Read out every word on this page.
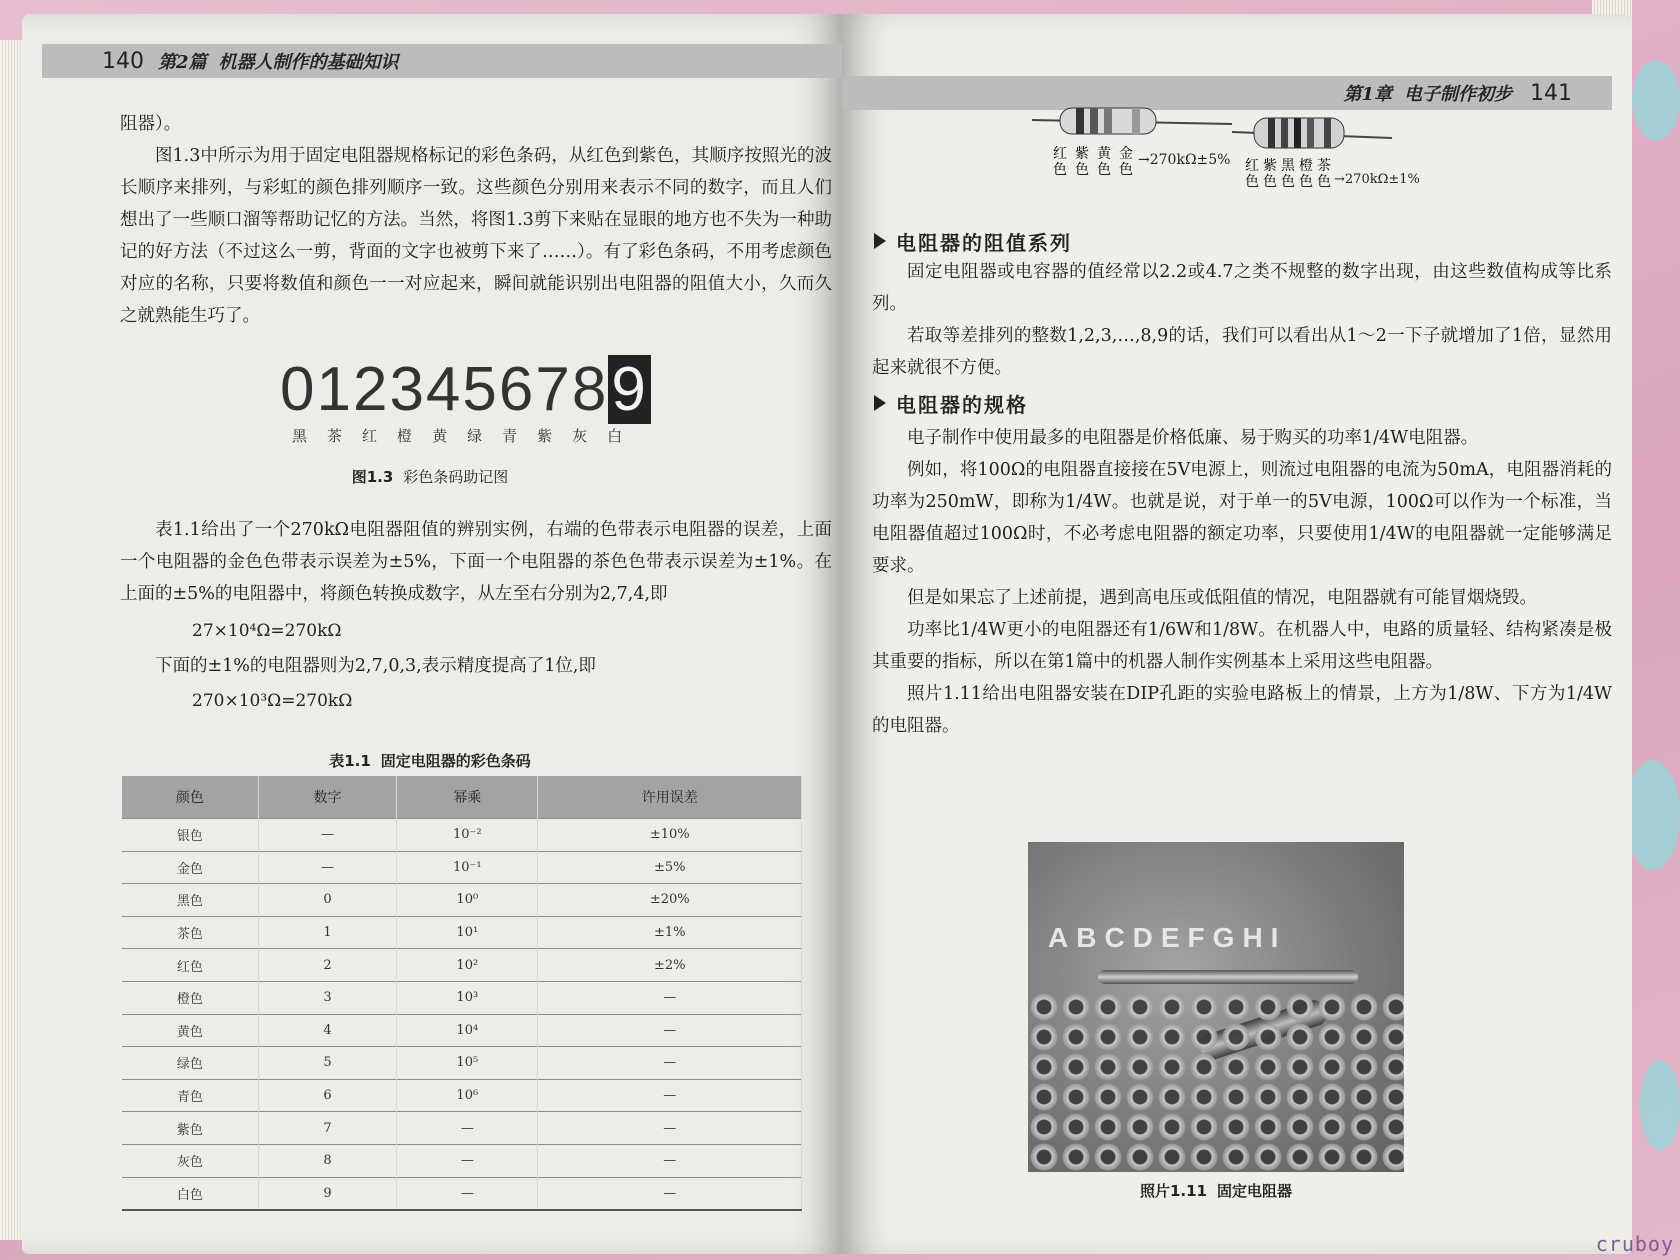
140 第2篇 机器人制作的基础知识

阻器）。

图1.3中所示为用于固定电阻器规格标记的彩色条码，从红色到紫色，其顺序按照光的波长顺序来排列，与彩虹的颜色排列顺序一致。这些颜色分别用来表示不同的数字，而且人们想出了一些顺口溜等帮助记忆的方法。当然，将图1.3剪下来贴在显眼的地方也不失为一种助记的好方法（不过这么一剪，背面的文字也被剪下来了……）。有了彩色条码，不用考虑颜色对应的名称，只要将数值和颜色一一对应起来，瞬间就能识别出电阻器的阻值大小，久而久之就熟能生巧了。

0123456789
黑 茶 红 橙 黄 绿 青 紫 灰 白
图1.3 彩色条码助记图

表1.1给出了一个270kΩ电阻器阻值的辨别实例，右端的色带表示电阻器的误差，上面一个电阻器的金色色带表示误差为±5%，下面一个电阻器的茶色色带表示误差为±1%。在上面的±5%的电阻器中，将颜色转换成数字，从左至右分别为2,7,4,即

27×10⁴Ω=270kΩ

下面的±1%的电阻器则为2,7,0,3,表示精度提高了1位,即

270×10³Ω=270kΩ
表1.1 固定电阻器的彩色条码
颜色	数字	幂乘	许用误差
银色	—	10⁻²	±10%
金色	—	10⁻¹	±5%
黑色	0	10⁰	±20%
茶色	1	10¹	±1%
红色	2	10²	±2%
橙色	3	10³	—
黄色	4	10⁴	—
绿色	5	10⁵	—
青色	6	10⁶	—
紫色	7	—	—
灰色	8	—	—
白色	9	—	—
第1章 电子制作初步 141
红
色
紫
色
黄
色
金
色
→ 270kΩ±5% 红
色
紫
色
黑
色
橙
色
茶
色 → 270kΩ±1%
电阻器的阻值系列

固定电阻器或电容器的值经常以2.2或4.7之类不规整的数字出现，由这些数值构成等比系列。

若取等差排列的整数1,2,3,…,8,9的话，我们可以看出从1～2一下子就增加了1倍，显然用起来就很不方便。

电阻器的规格

电子制作中使用最多的电阻器是价格低廉、易于购买的功率1/4W电阻器。

例如，将100Ω的电阻器直接接在5V电源上，则流过电阻器的电流为50mA，电阻器消耗的功率为250mW，即称为1/4W。也就是说，对于单一的5V电源，100Ω可以作为一个标准，当电阻器值超过100Ω时，不必考虑电阻器的额定功率，只要使用1/4W的电阻器就一定能够满足要求。

但是如果忘了上述前提，遇到高电压或低阻值的情况，电阻器就有可能冒烟烧毁。

功率比1/4W更小的电阻器还有1/6W和1/8W。在机器人中，电路的质量轻、结构紧凑是极其重要的指标，所以在第1篇中的机器人制作实例基本上采用这些电阻器。

照片1.11给出电阻器安装在DIP孔距的实验电路板上的情景，上方为1/8W、下方为1/4W的电阻器。

ABCDEFGHI
照片1.11 固定电阻器
cruboy
